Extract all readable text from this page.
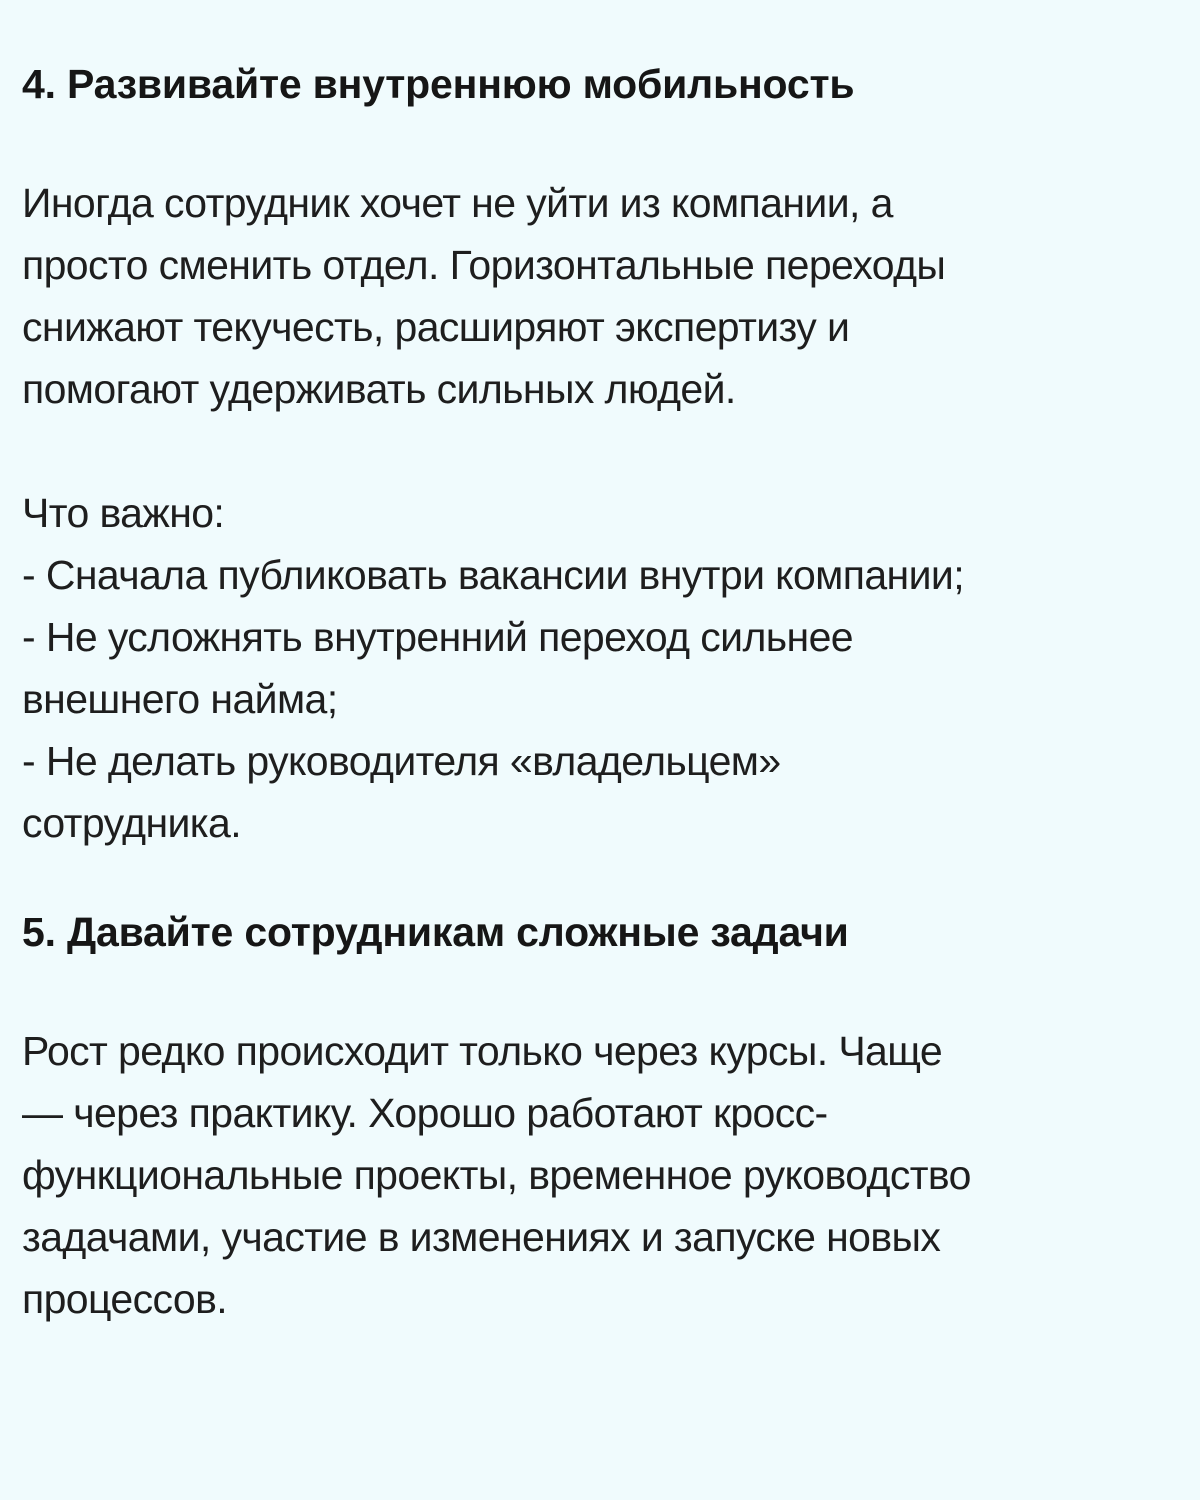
4. Развивайте внутреннюю мобильность

Иногда сотрудник хочет не уйти из компании, а
просто сменить отдел. Горизонтальные переходы
снижают текучесть, расширяют экспертизу и
помогают удерживать сильных людей.

Что важно:

- Сначала публиковать вакансии внутри компании;
- Не усложнять внутренний переход сильнее
внешнего найма;
- Не делать руководителя «владельцем»
сотрудника.
5. Давайте сотрудникам сложные задачи

Рост редко происходит только через курсы. Чаще
— через практику. Хорошо работают кросс-
функциональные проекты, временное руководство
задачами, участие в изменениях и запуске новых
процессов.
